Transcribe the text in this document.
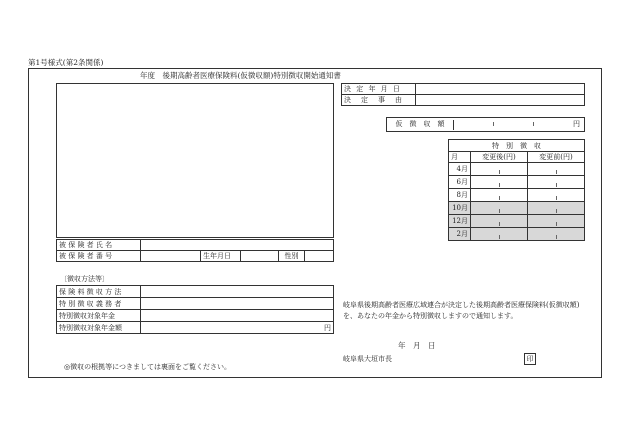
第1号様式(第2条関係)
年度　後期高齢者医療保険料(仮徴収額)特別徴収開始通知書
決 定 年 月 日	
決　定　事　由	
仮　徴　収　額	円
特　別　徴　収		
月	変更後(円)	変更前(円)
4月	

6月	

8月	

10月	

12月	

2月	

被 保 険 者 氏 名					
被 保 険 者 番 号		生年月日		性別	
〔徴収方法等〕
保 険 料 徴 収 方 法	
特 別 徴 収 義 務 者	
特別徴収対象年金	
特別徴収対象年金額	円
岐阜県後期高齢者医療広域連合が決定した後期高齢者医療保険料(仮徴収額)を、あなたの年金から特別徴収しますので通知します。
年　月　日
岐阜県大垣市長	印
◎徴収の根拠等につきましては裏面をご覧ください。
